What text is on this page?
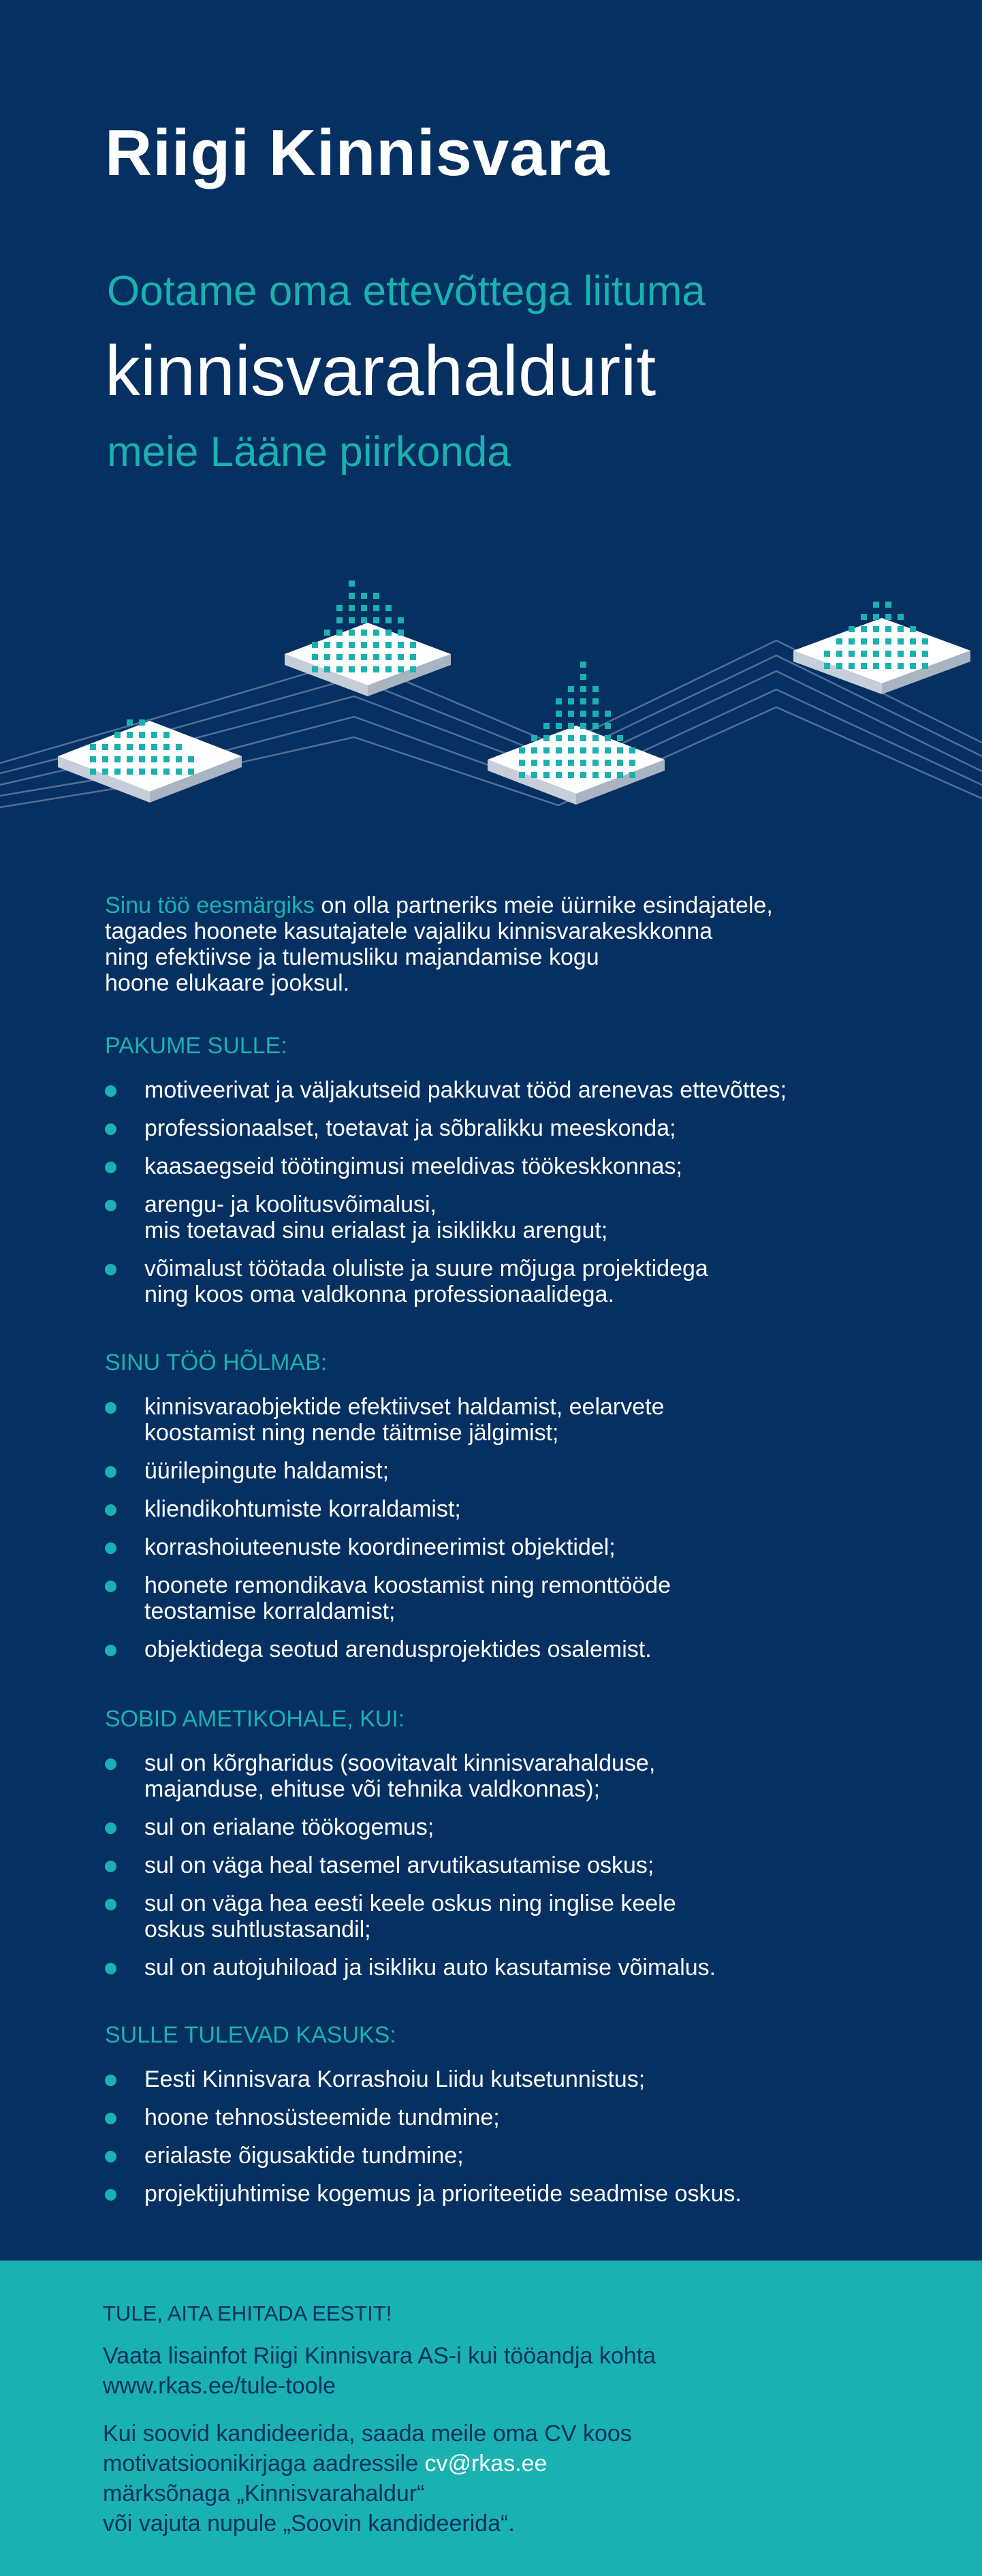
Riigi Kinnisvara
Ootame oma ettevõttega liituma
kinnisvarahaldurit
meie Lääne piirkonda
Sinu töö eesmärgiks on olla partneriks meie üürnike esindajatele,
tagades hoonete kasutajatele vajaliku kinnisvarakeskkonna
ning efektiivse ja tulemusliku majandamise kogu
hoone elukaare jooksul.
PAKUME SULLE:
motiveerivat ja väljakutseid pakkuvat tööd arenevas ettevõttes;
professionaalset, toetavat ja sõbralikku meeskonda;
kaasaegseid töötingimusi meeldivas töökeskkonnas;
arengu- ja koolitusvõimalusi,
mis toetavad sinu erialast ja isiklikku arengut;
võimalust töötada oluliste ja suure mõjuga projektidega
ning koos oma valdkonna professionaalidega.
SINU TÖÖ HÕLMAB:
kinnisvaraobjektide efektiivset haldamist, eelarvete
koostamist ning nende täitmise jälgimist;
üürilepingute haldamist;
kliendikohtumiste korraldamist;
korrashoiuteenuste koordineerimist objektidel;
hoonete remondikava koostamist ning remonttööde
teostamise korraldamist;
objektidega seotud arendusprojektides osalemist.
SOBID AMETIKOHALE, KUI:
sul on kõrgharidus (soovitavalt kinnisvarahalduse,
majanduse, ehituse või tehnika valdkonnas);
sul on erialane töökogemus;
sul on väga heal tasemel arvutikasutamise oskus;
sul on väga hea eesti keele oskus ning inglise keele
oskus suhtlustasandil;
sul on autojuhiload ja isikliku auto kasutamise võimalus.
SULLE TULEVAD KASUKS:
Eesti Kinnisvara Korrashoiu Liidu kutsetunnistus;
hoone tehnosüsteemide tundmine;
erialaste õigusaktide tundmine;
projektijuhtimise kogemus ja prioriteetide seadmise oskus.
TULE, AITA EHITADA EESTIT!
Vaata lisainfot Riigi Kinnisvara AS-i kui tööandja kohta
www.rkas.ee/tule-toole
Kui soovid kandideerida, saada meile oma CV koos
motivatsioonikirjaga aadressile cv@rkas.ee
märksõnaga „Kinnisvarahaldur“
või vajuta nupule „Soovin kandideerida“.
